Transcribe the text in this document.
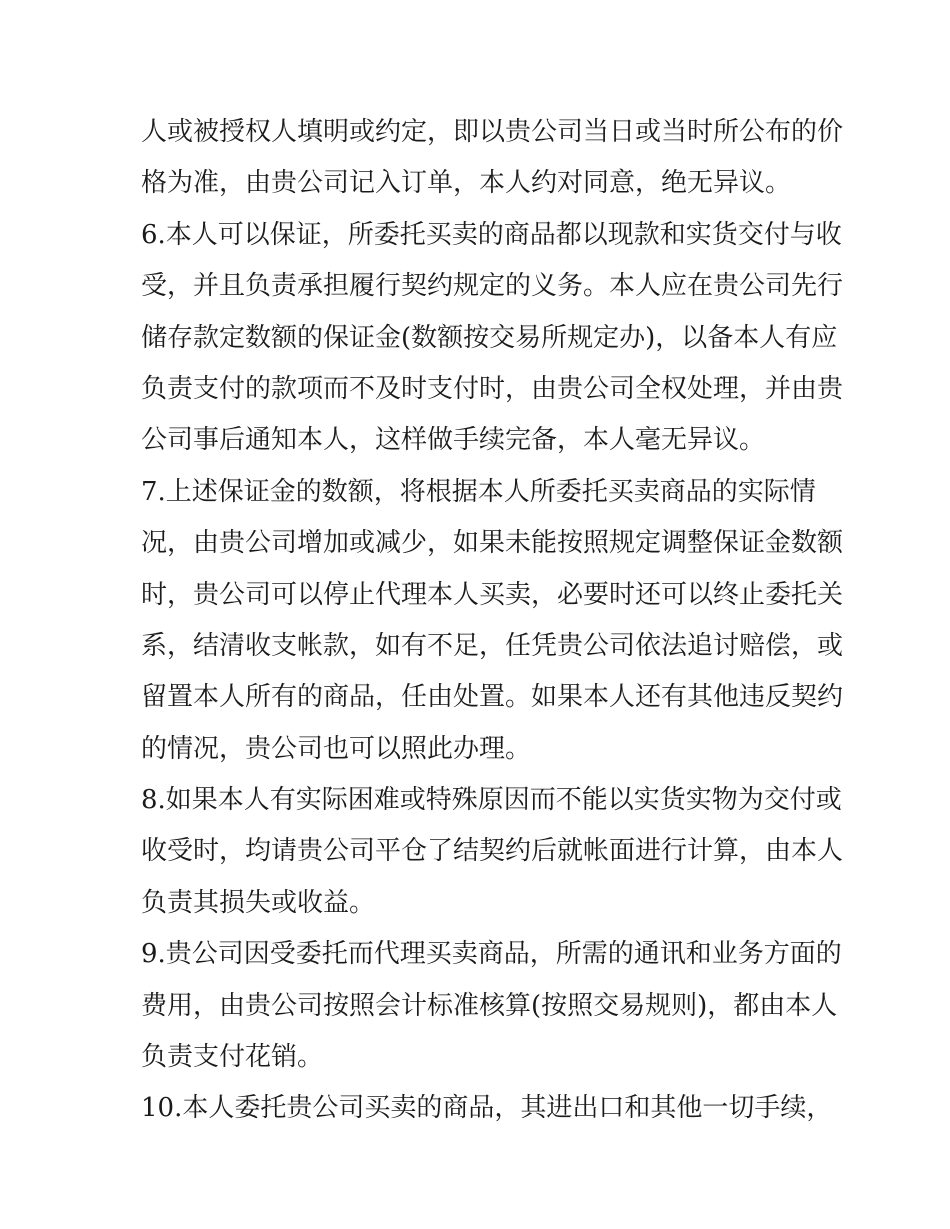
人或被授权人填明或约定，即以贵公司当日或当时所公布的价
格为准，由贵公司记入订单，本人约对同意，绝无异议。
6.本人可以保证，所委托买卖的商品都以现款和实货交付与收
受，并且负责承担履行契约规定的义务。本人应在贵公司先行
储存款定数额的保证金(数额按交易所规定办)，以备本人有应
负责支付的款项而不及时支付时，由贵公司全权处理，并由贵
公司事后通知本人，这样做手续完备，本人毫无异议。
7.上述保证金的数额，将根据本人所委托买卖商品的实际情
况，由贵公司增加或减少，如果未能按照规定调整保证金数额
时，贵公司可以停止代理本人买卖，必要时还可以终止委托关
系，结清收支帐款，如有不足，任凭贵公司依法追讨赔偿，或
留置本人所有的商品，任由处置。如果本人还有其他违反契约
的情况，贵公司也可以照此办理。
8.如果本人有实际困难或特殊原因而不能以实货实物为交付或
收受时，均请贵公司平仓了结契约后就帐面进行计算，由本人
负责其损失或收益。
9.贵公司因受委托而代理买卖商品，所需的通讯和业务方面的
费用，由贵公司按照会计标准核算(按照交易规则)，都由本人
负责支付花销。
10.本人委托贵公司买卖的商品，其进出口和其他一切手续，
